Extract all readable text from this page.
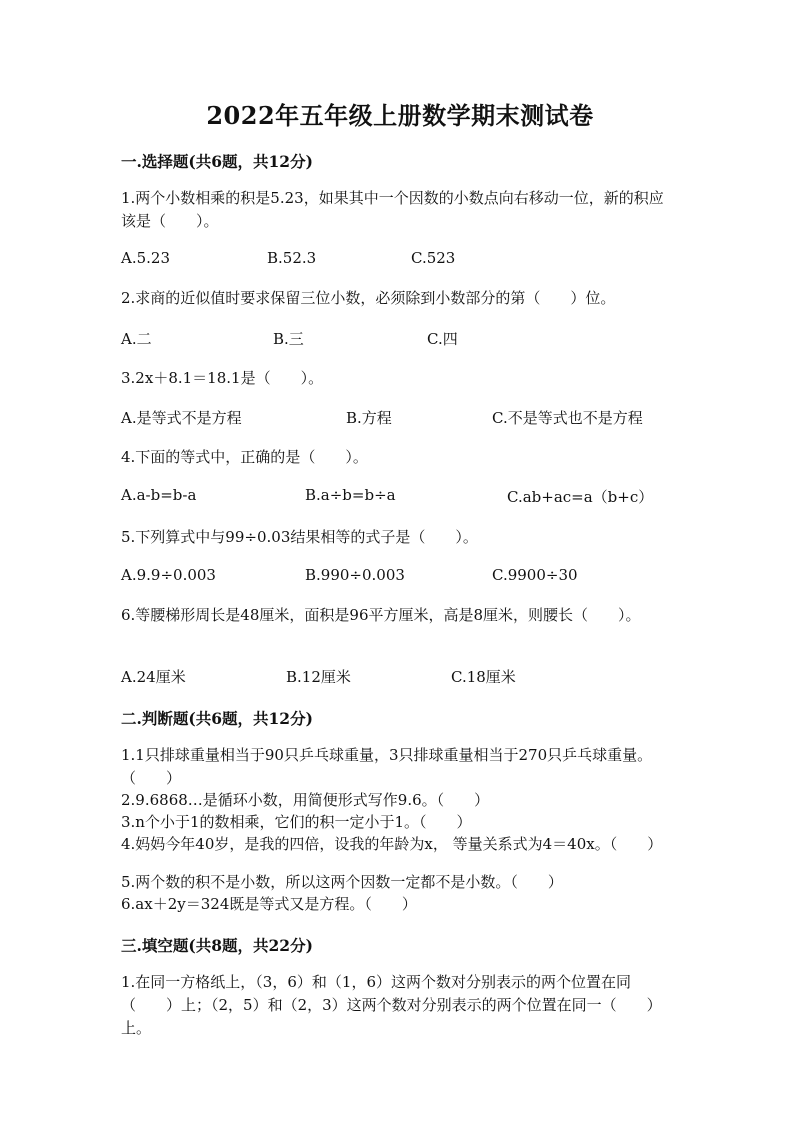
2022年五年级上册数学期末测试卷
一.选择题(共6题，共12分)
1.两个小数相乘的积是5.23，如果其中一个因数的小数点向右移动一位，新的积应该是（　　）。
A.5.23	B.52.3	C.523
2.求商的近似值时要求保留三位小数，必须除到小数部分的第（　　）位。
A.二	B.三	C.四
3.2x＋8.1＝18.1是（　　）。
A.是等式不是方程	B.方程	C.不是等式也不是方程
4.下面的等式中，正确的是（　　）。
A.a-b=b-a	B.a÷b=b÷a	C.ab+ac=a（b+c）
5.下列算式中与99÷0.03结果相等的式子是（　　）。
A.9.9÷0.003	B.990÷0.003	C.9900÷30
6.等腰梯形周长是48厘米，面积是96平方厘米，高是8厘米，则腰长（　　）。
A.24厘米	B.12厘米	C.18厘米
二.判断题(共6题，共12分)
1.1只排球重量相当于90只乒乓球重量，3只排球重量相当于270只乒乓球重量。（　　）
2.9.6868…是循环小数，用简便形式写作9.6。（　　）
3.n个小于1的数相乘，它们的积一定小于1。（　　）
4.妈妈今年40岁，是我的四倍，设我的年龄为x， 等量关系式为4＝40x。（　　）
5.两个数的积不是小数，所以这两个因数一定都不是小数。（　　）
6.ax＋2y＝324既是等式又是方程。（　　）
三.填空题(共8题，共22分)
1.在同一方格纸上，（3，6）和（1，6）这两个数对分别表示的两个位置在同（　　）上；（2，5）和（2，3）这两个数对分别表示的两个位置在同一（　　）上。
